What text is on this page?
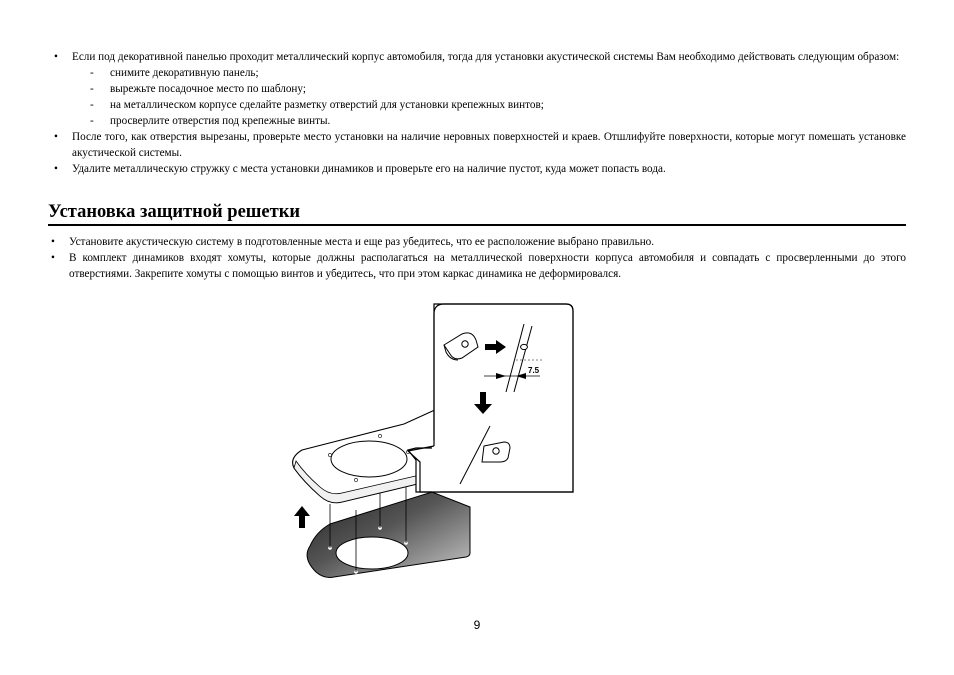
• Если под декоративной панелью проходит металлический корпус автомобиля, тогда для установки акустической системы Вам необходимо действовать следующим образом:
- снимите декоративную панель;
- вырежьте посадочное место по шаблону;
- на металлическом корпусе сделайте разметку отверстий для установки крепежных винтов;
- просверлите отверстия под крепежные винты.
• После того, как отверстия вырезаны, проверьте место установки на наличие неровных поверхностей и краев. Отшлифуйте поверхности, которые могут помешать установке акустической системы.
• Удалите металлическую стружку с места установки динамиков и проверьте его на наличие пустот, куда может попасть вода.
Установка защитной решетки
• Установите акустическую систему в подготовленные места и еще раз убедитесь, что ее расположение выбрано правильно.
• В комплект динамиков входят хомуты, которые должны располагаться на металлической поверхности корпуса автомобиля и совпадать с просверленными до этого отверстиями. Закрепите хомуты с помощью винтов и убедитесь, что при этом каркас динамика не деформировался.
7.5
9
